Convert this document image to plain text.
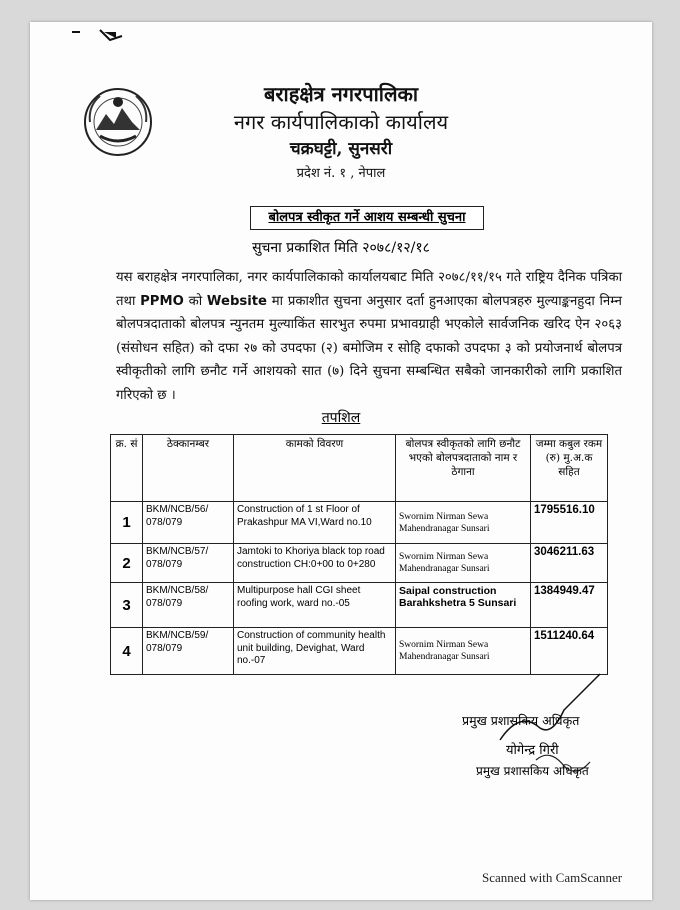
बराहक्षेत्र नगरपालिका
नगर कार्यपालिकाको कार्यालय
चक्रघट्टी, सुनसरी
प्रदेश नं. १ , नेपाल
बोलपत्र स्वीकृत गर्ने आशय सम्बन्धी सुचना
सुचना प्रकाशित मिति २०७८/१२/१८
यस बराहक्षेत्र नगरपालिका, नगर कार्यपालिकाको कार्यालयबाट मिति २०७८/११/१५ गते राष्ट्रिय दैनिक पत्रिका तथा PPMO को Website मा प्रकाशीत सुचना अनुसार दर्ता हुनआएका बोलपत्रहरु मुल्याङ्कनहुदा निम्न बोलपत्रदाताको बोलपत्र न्युनतम मुल्याकिंत सारभुत रुपमा प्रभावग्राही भएकोले सार्वजनिक खरिद ऐन २०६३ (संसोधन सहित) को दफा २७ को उपदफा (२) बमोजिम र सोहि दफाको उपदफा ३ को प्रयोजनार्थ बोलपत्र स्वीकृतीको लागि छनौट गर्ने आशयको सात (७) दिने सुचना सम्बन्धित सबैको जानकारीको लागि प्रकाशित गरिएको छ ।
तपशिल
क्र. सं	ठेक्कानम्बर	कामको विवरण	बोलपत्र स्वीकृतको लागि छनौट भएको बोलपत्रदाताको नाम र ठेगाना	जम्मा कबुल रकम (रु) मु.अ.क सहित
1	BKM/NCB/56/ 078/079	Construction of 1 st Floor of Prakashpur MA VI,Ward no.10	Swornim Nirman Sewa Mahendranagar Sunsari	1795516.10
2	BKM/NCB/57/ 078/079	Jamtoki to Khoriya black top road construction CH:0+00 to 0+280	Swornim Nirman Sewa Mahendranagar Sunsari	3046211.63
3	BKM/NCB/58/ 078/079	Multipurpose hall CGI sheet roofing work, ward no.-05	Saipal construction Barahkshetra 5 Sunsari	1384949.47
4	BKM/NCB/59/ 078/079	Construction of community health unit building, Devighat, Ward no.-07	Swornim Nirman Sewa Mahendranagar Sunsari	1511240.64
प्रमुख प्रशासकिय अधिकृत
योगेन्द्र गिरी
प्रमुख प्रशासकिय अधिकृत
Scanned with CamScanner
